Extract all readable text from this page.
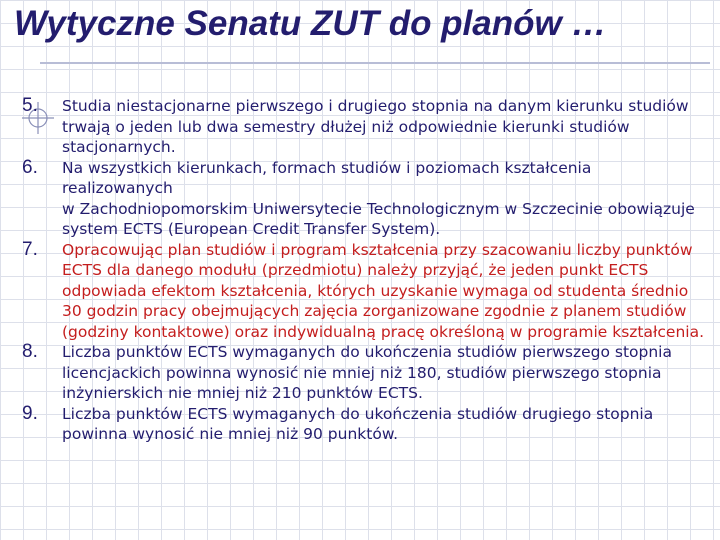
Wytyczne Senatu ZUT do planów …
5.	Studia niestacjonarne pierwszego i drugiego stopnia na danym kierunku studiów
trwają o jeden lub dwa semestry dłużej niż odpowiednie kierunki studiów
stacjonarnych.
6.	Na wszystkich kierunkach, formach studiów i poziomach kształcenia
realizowanych
w Zachodniopomorskim Uniwersytecie Technologicznym w Szczecinie obowiązuje
system ECTS (European Credit Transfer System).
7.	Opracowując plan studiów i program kształcenia przy szacowaniu liczby punktów
ECTS dla danego modułu (przedmiotu) należy przyjąć, że jeden punkt ECTS
odpowiada efektom kształcenia, których uzyskanie wymaga od studenta średnio
30 godzin pracy obejmujących zajęcia zorganizowane zgodnie z planem studiów
(godziny kontaktowe) oraz indywidualną pracę określoną w programie kształcenia.
8.	Liczba punktów ECTS wymaganych do ukończenia studiów pierwszego stopnia
licencjackich powinna wynosić nie mniej niż 180, studiów pierwszego stopnia
inżynierskich nie mniej niż 210 punktów ECTS.
9.	Liczba punktów ECTS wymaganych do ukończenia studiów drugiego stopnia
powinna wynosić nie mniej niż 90 punktów.
